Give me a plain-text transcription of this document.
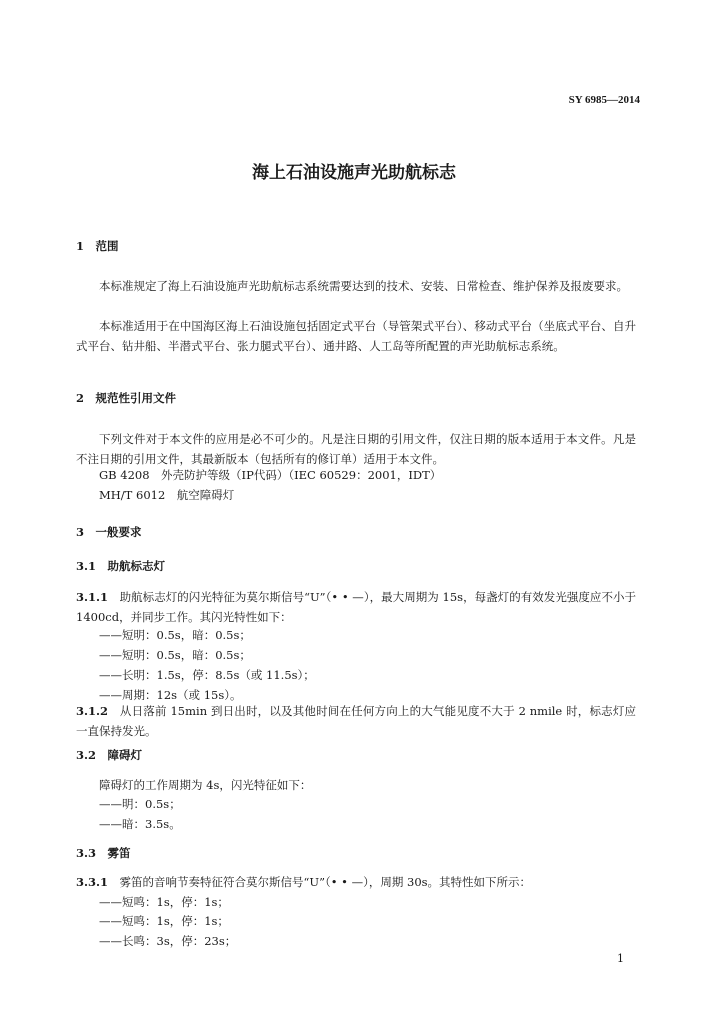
SY 6985—2014
海上石油设施声光助航标志
1　范围
本标准规定了海上石油设施声光助航标志系统需要达到的技术、安装、日常检查、维护保养及报废要求。
本标准适用于在中国海区海上石油设施包括固定式平台（导管架式平台）、移动式平台（坐底式平台、自升式平台、钻井船、半潜式平台、张力腿式平台）、通井路、人工岛等所配置的声光助航标志系统。
2　规范性引用文件
下列文件对于本文件的应用是必不可少的。凡是注日期的引用文件，仅注日期的版本适用于本文件。凡是不注日期的引用文件，其最新版本（包括所有的修订单）适用于本文件。
GB 4208　外壳防护等级（IP代码）（IEC 60529：2001，IDT）
MH/T 6012　航空障碍灯
3　一般要求
3.1　助航标志灯
3.1.1　 助航标志灯的闪光特征为莫尔斯信号“U”（• • —），最大周期为 15s，每盏灯的有效发光强度应不小于 1400cd，并同步工作。其闪光特性如下：
——短明：0.5s，暗：0.5s；
——短明：0.5s，暗：0.5s；
——长明：1.5s，停：8.5s（或 11.5s）；
——周期：12s（或 15s）。
3.1.2　 从日落前 15min 到日出时，以及其他时间在任何方向上的大气能见度不大于 2 nmile 时，标志灯应一直保持发光。
3.2　障碍灯
障碍灯的工作周期为 4s，闪光特征如下：
——明：0.5s；
——暗：3.5s。
3.3　雾笛
3.3.1　 雾笛的音响节奏特征符合莫尔斯信号“U”（• • —），周期 30s。其特性如下所示：
——短鸣：1s，停：1s；
——短鸣：1s，停：1s；
——长鸣：3s，停：23s；
1
